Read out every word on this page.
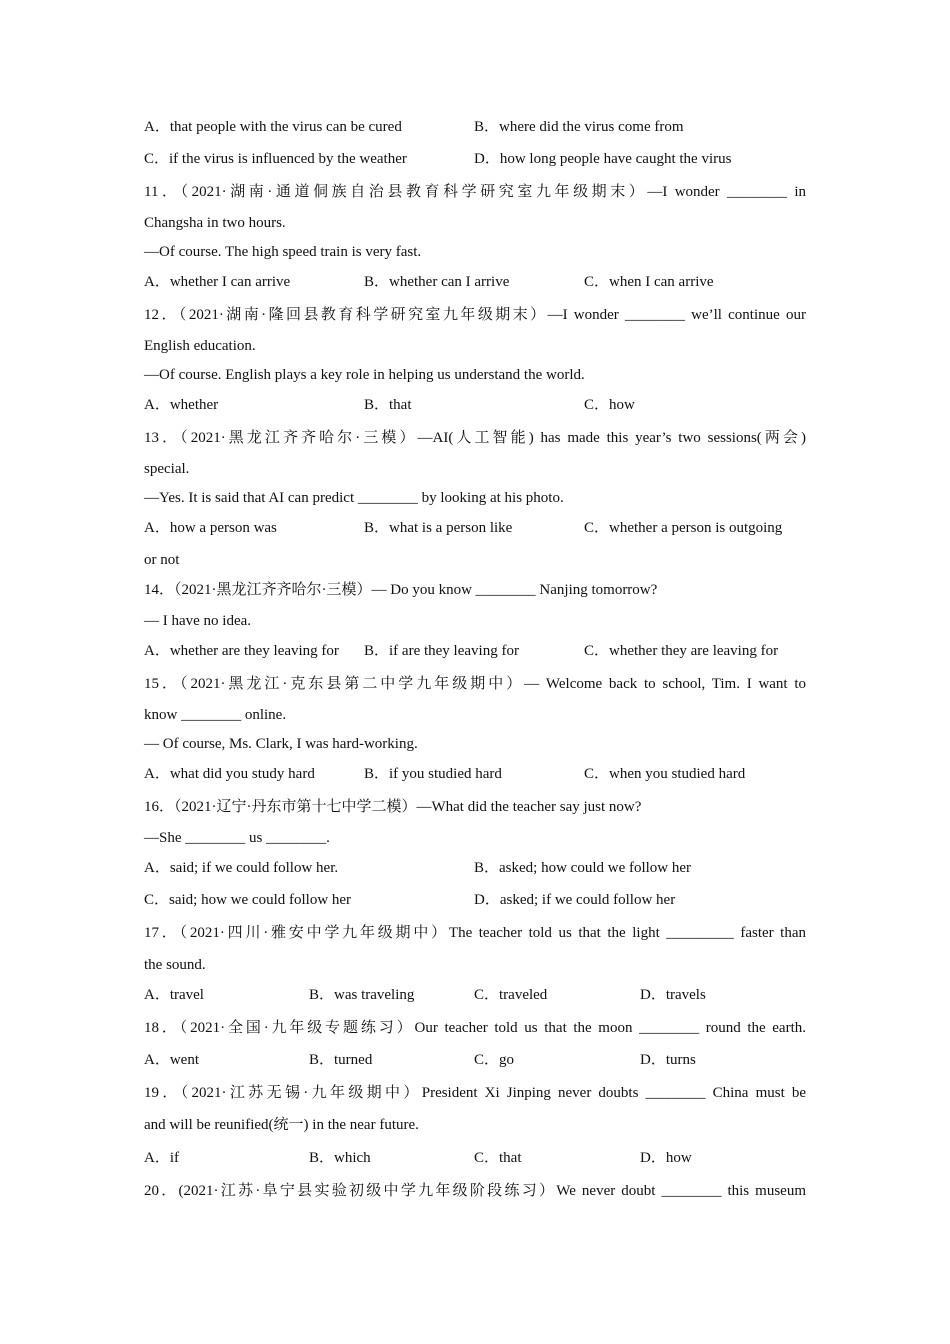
A．that people with the virus can be cured	B．where did the virus come from
C．if the virus is influenced by the weather	D．how long people have caught the virus
11．（2021·湖南·通道侗族自治县教育科学研究室九年级期末）—I wonder ________ in
Changsha in two hours.
—Of course. The high speed train is very fast.
A．whether I can arrive	B．whether can I arrive	C．when I can arrive
12．（2021·湖南·隆回县教育科学研究室九年级期末）—I wonder ________ we’ll continue our
English education.
—Of course. English plays a key role in helping us understand the world.
A．whether	B．that	C．how
13．（2021·黑龙江齐齐哈尔·三模）—AI(人工智能) has made this year’s two sessions(两会)
special.
—Yes. It is said that AI can predict ________ by looking at his photo.
A．how a person was	B．what is a person like	C．whether a person is outgoing
or not
14．（2021·黑龙江齐齐哈尔·三模）— Do you know ________ Nanjing tomorrow?
— I have no idea.
A．whether are they leaving for B．if are they leaving for	C．whether they are leaving for
15．（2021·黑龙江·克东县第二中学九年级期中）— Welcome back to school, Tim. I want to
know ________ online.
— Of course, Ms. Clark, I was hard-working.
A．what did you study hard	B．if you studied hard	C．when you studied hard
16．（2021·辽宁·丹东市第十七中学二模）—What did the teacher say just now?
—She ________ us ________.
A．said; if we could follow her.	B．asked; how could we follow her
C．said; how we could follow her	D．asked; if we could follow her
17．（2021·四川·雅安中学九年级期中）The teacher told us that the light _________ faster than
the sound.
A．travel	B．was traveling	C．traveled	D．travels
18．（2021·全国·九年级专题练习）Our teacher told us that the moon ________ round the earth.
A．went	B．turned	C．go	D．turns
19．（2021·江苏无锡·九年级期中）President Xi Jinping never doubts ________ China must be
and will be reunified(统一) in the near future.
A．if	B．which	C．that	D．how
20．(2021·江苏·阜宁县实验初级中学九年级阶段练习）We never doubt ________ this museum
